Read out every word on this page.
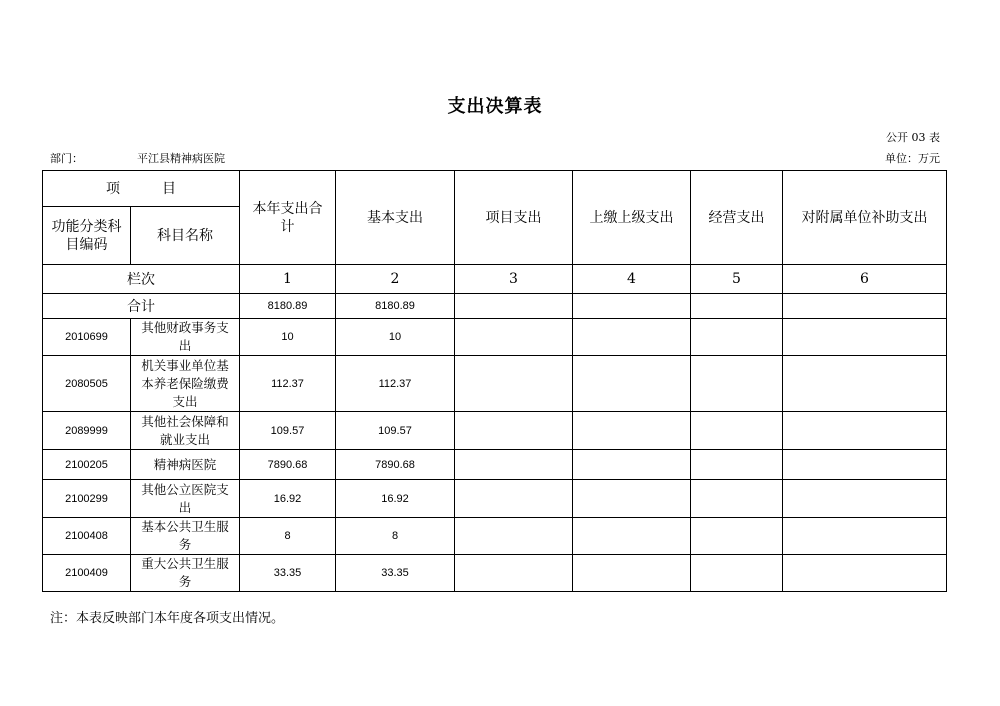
支出决算表
公开 03 表
部门：	平江县精神病医院	单位：万元
项　　　目		本年支出合计	基本支出	项目支出	上缴上级支出	经营支出	对附属单位补助支出
功能分类科目编码	科目名称						
栏次		1	2	3	4	5	6
合计		8180.89	8180.89				
2010699	其他财政事务支出	10	10				
2080505	机关事业单位基本养老保险缴费支出	112.37	112.37				
2089999	其他社会保障和就业支出	109.57	109.57				
2100205	精神病医院	7890.68	7890.68				
2100299	其他公立医院支出	16.92	16.92				
2100408	基本公共卫生服务	8	8				
2100409	重大公共卫生服务	33.35	33.35				
注：本表反映部门本年度各项支出情况。
